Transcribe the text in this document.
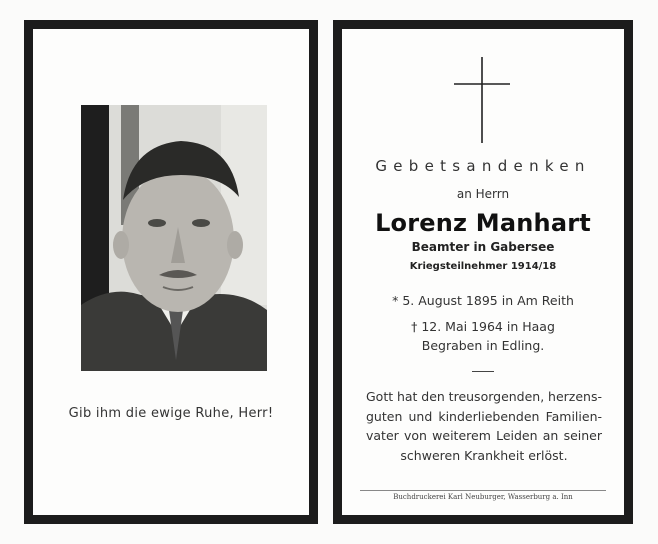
Gib ihm die ewige Ruhe, Herr!
Gebetsandenken
an Herrn
Lorenz Manhart
Beamter in Gabersee
Kriegsteilnehmer 1914/18
* 5. August 1895 in Am Reith
† 12. Mai 1964 in Haag
Begraben in Edling.
Gott hat den treusorgenden, herzens-
guten und kinderliebenden Familien-
vater von weiterem Leiden an seiner
schweren Krankheit erlöst.
Buchdruckerei Karl Neuburger, Wasserburg a. Inn
